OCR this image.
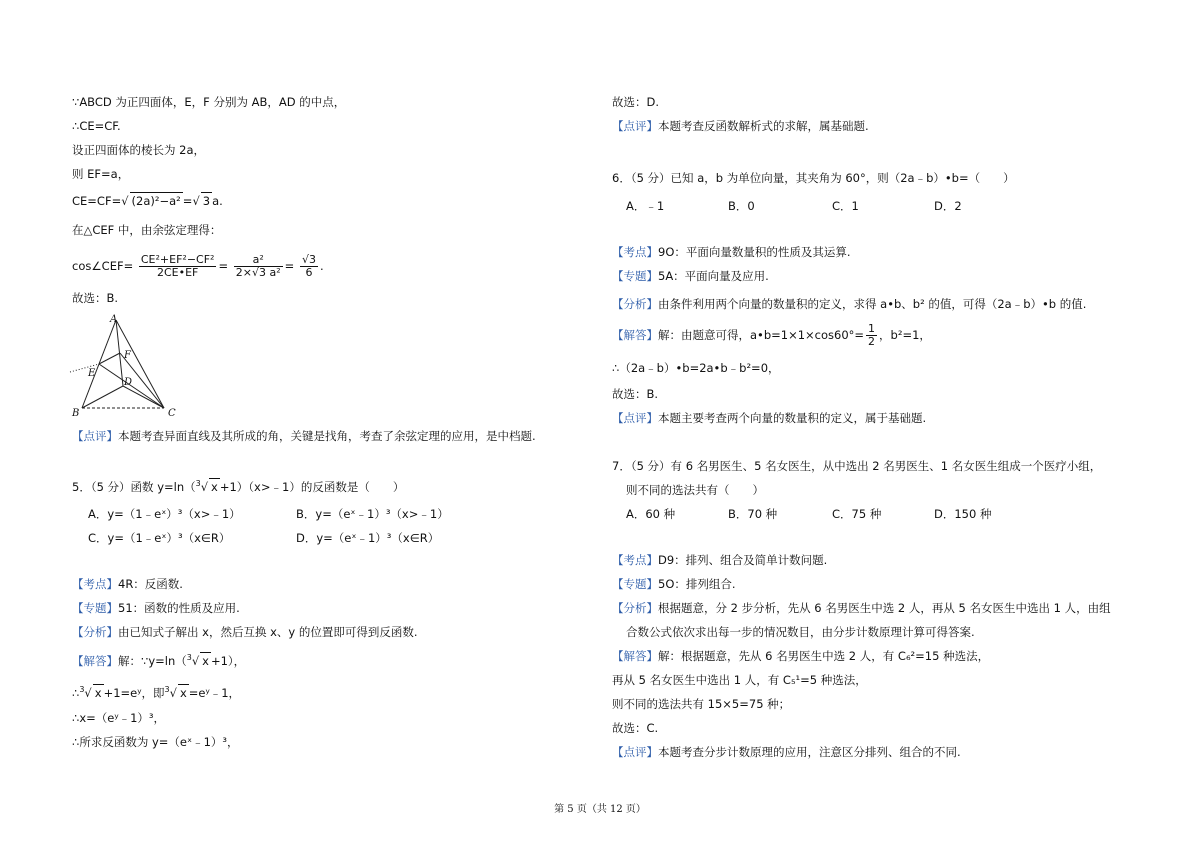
∵ABCD 为正四面体，E，F 分别为 AB，AD 的中点，
∴CE=CF.
设正四面体的棱长为 2a，
则 EF=a，
CE=CF=√ (2a)²−a² =√ 3 a.
在△CEF 中，由余弦定理得：
cos∠CEF= $\frac{\text{CE²+EF²−CF²}}{2CE•EF} = \frac{\text{a²}}{\text{2×√3 a²}} = \frac{√3}{6}$ .
故选：B.
A
B	C
D
E
F
【点评】本题考查异面直线及其所成的角，关键是找角，考查了余弦定理的应用，是中档题.
5．（5 分）函数 y=ln（$^3$√ x +1）（x>﹣1）的反函数是（　　）
A．y=（1﹣eˣ）³（x>﹣1）	B．y=（eˣ﹣1）³（x>﹣1）
C．y=（1﹣eˣ）³（x∈R）	D．y=（eˣ﹣1）³（x∈R）
【考点】4R：反函数.
【专题】51：函数的性质及应用.
【分析】由已知式子解出 x，然后互换 x、y 的位置即可得到反函数.
【解答】解：∵y=ln（$^3$√ x +1），
∴$^3$√ x +1=eʸ，即$^3$√ x =eʸ﹣1，
∴x=（eʸ﹣1）³，
∴所求反函数为 y=（eˣ﹣1）³，
故选：D.
【点评】本题考查反函数解析式的求解，属基础题.
6．（5 分）已知 a，b 为单位向量，其夹角为 60°，则（2a﹣b）•b=（　　）
A．﹣1	B．0	C．1	D．2
【考点】9O：平面向量数量积的性质及其运算.
【专题】5A：平面向量及应用.
【分析】由条件利用两个向量的数量积的定义，求得 a•b、b² 的值，可得（2a﹣b）•b 的值.
【解答】解：由题意可得，a•b=1×1×cos60°= $\frac{1}{2}$ ，b²=1，
∴（2a﹣b）•b=2a•b﹣b²=0，
故选：B.
【点评】本题主要考查两个向量的数量积的定义，属于基础题.
7．（5 分）有 6 名男医生、5 名女医生，从中选出 2 名男医生、1 名女医生组成一个医疗小组，
则不同的选法共有（　　）
A．60 种	B．70 种	C．75 种	D．150 种
【考点】D9：排列、组合及简单计数问题.
【专题】5O：排列组合.
【分析】根据题意，分 2 步分析，先从 6 名男医生中选 2 人，再从 5 名女医生中选出 1 人，由组
合数公式依次求出每一步的情况数目，由分步计数原理计算可得答案.
【解答】解：根据题意，先从 6 名男医生中选 2 人，有 C₆²=15 种选法，
再从 5 名女医生中选出 1 人，有 C₅¹=5 种选法，
则不同的选法共有 15×5=75 种；
故选：C.
【点评】本题考查分步计数原理的应用，注意区分排列、组合的不同.
第 5 页（共 12 页）
